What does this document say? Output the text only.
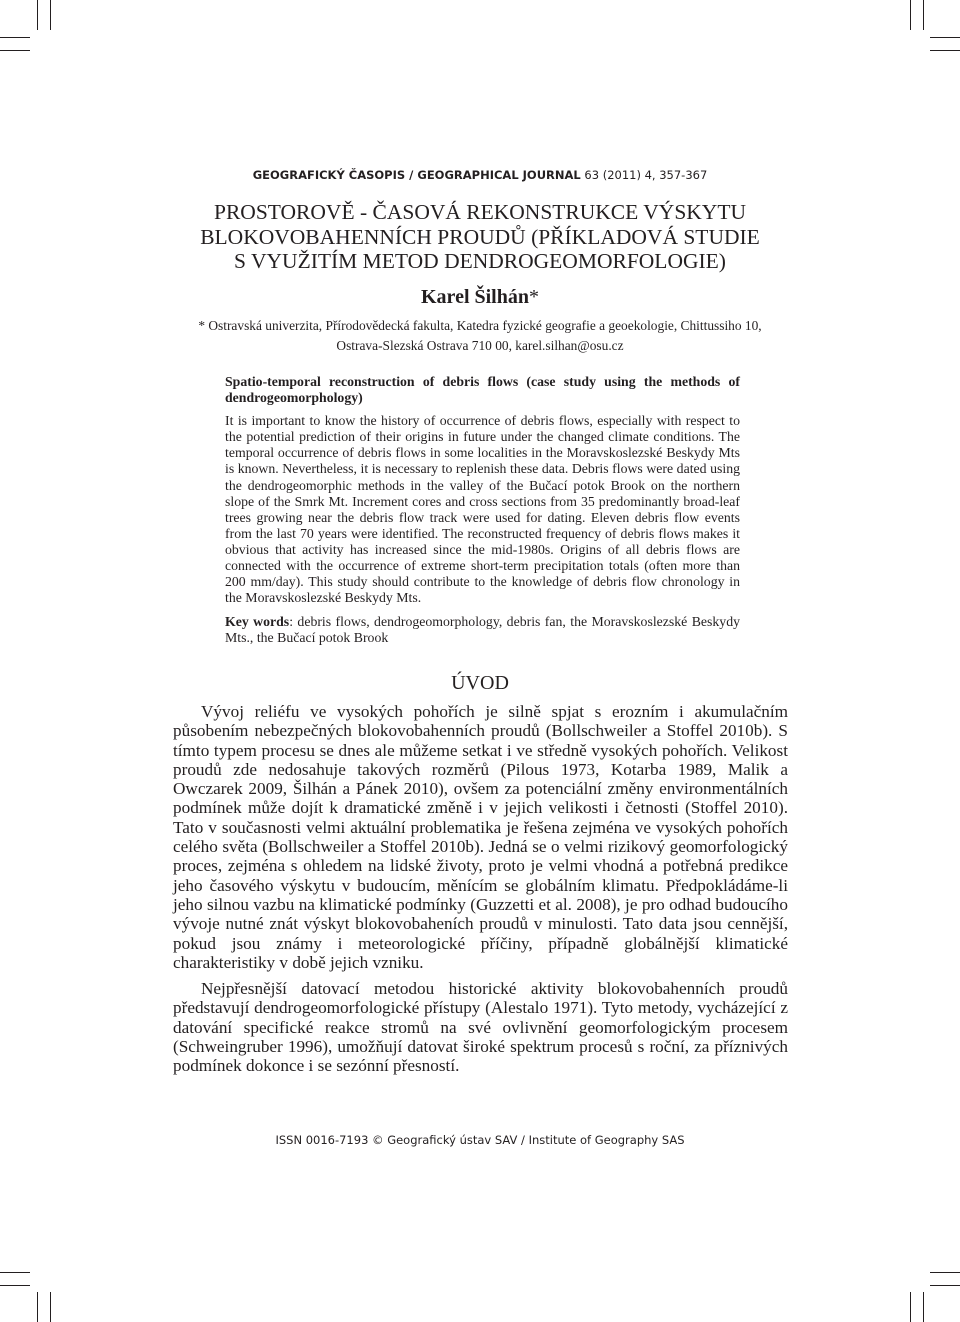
GEOGRAFICKÝ ČASOPIS / GEOGRAPHICAL JOURNAL 63 (2011) 4, 357-367
PROSTOROVĚ - ČASOVÁ REKONSTRUKCE VÝSKYTU
BLOKOVOBAHENNÍCH PROUDŮ (PŘÍKLADOVÁ STUDIE
S VYUŽITÍM METOD DENDROGEOMORFOLOGIE)
Karel Šilhán*
* Ostravská univerzita, Přírodovědecká fakulta, Katedra fyzické geografie a geoekologie, Chittussiho 10,
Ostrava-Slezská Ostrava 710 00, karel.silhan@osu.cz

Spatio-temporal reconstruction of debris flows (case study using the methods of dendrogeomorphology)

It is important to know the history of occurrence of debris flows, especially with respect to the potential prediction of their origins in future under the changed climate conditions. The temporal occurrence of debris flows in some localities in the Moravskoslezské Beskydy Mts is known. Nevertheless, it is necessary to replenish these data. Debris flows were dated using the dendrogeomorphic methods in the valley of the Bučací potok Brook on the northern slope of the Smrk Mt. Increment cores and cross sections from 35 predominantly broad-leaf trees growing near the debris flow track were used for dating. Eleven debris flow events from the last 70 years were identified. The reconstructed frequency of debris flows makes it obvious that activity has increased since the mid-1980s. Origins of all debris flows are connected with the occurrence of extreme short-term precipitation totals (often more than 200 mm/day). This study should contribute to the knowledge of debris flow chronology in the Moravskoslezské Beskydy Mts.

Key words: debris flows, dendrogeomorphology, debris fan, the Moravskoslezské Beskydy Mts., the Bučací potok Brook

ÚVOD

Vývoj reliéfu ve vysokých pohořích je silně spjat s erozním i akumulačním působením nebezpečných blokovobahenních proudů (Bollschweiler a Stoffel 2010b). S tímto typem procesu se dnes ale můžeme setkat i ve středně vysokých pohořích. Velikost proudů zde nedosahuje takových rozměrů (Pilous 1973, Kotarba 1989, Malik a Owczarek 2009, Šilhán a Pánek 2010), ovšem za potenciální změny environmentálních podmínek může dojít k dramatické změně i v jejich velikosti i četnosti (Stoffel 2010). Tato v současnosti velmi aktuální problematika je řešena zejména ve vysokých pohořích celého světa (Bollschweiler a Stoffel 2010b). Jedná se o velmi rizikový geomorfologický proces, zejména s ohledem na lidské životy, proto je velmi vhodná a potřebná predikce jeho časového výskytu v budoucím, měnícím se globálním klimatu. Předpokládáme-li jeho silnou vazbu na klimatické podmínky (Guzzetti et al. 2008), je pro odhad budoucího vývoje nutné znát výskyt blokovobaheních proudů v minulosti. Tato data jsou cennější, pokud jsou známy i meteorologické příčiny, případně globálnější klimatické charakteristiky v době jejich vzniku.

Nejpřesnější datovací metodou historické aktivity blokovobahenních proudů představují dendrogeomorfologické přístupy (Alestalo 1971). Tyto metody, vycházející z datování specifické reakce stromů na své ovlivnění geomorfologickým procesem (Schweingruber 1996), umožňují datovat široké spektrum procesů s roční, za příznivých podmínek dokonce i se sezónní přesností.

ISSN 0016-7193 © Geografický ústav SAV / Institute of Geography SAS
